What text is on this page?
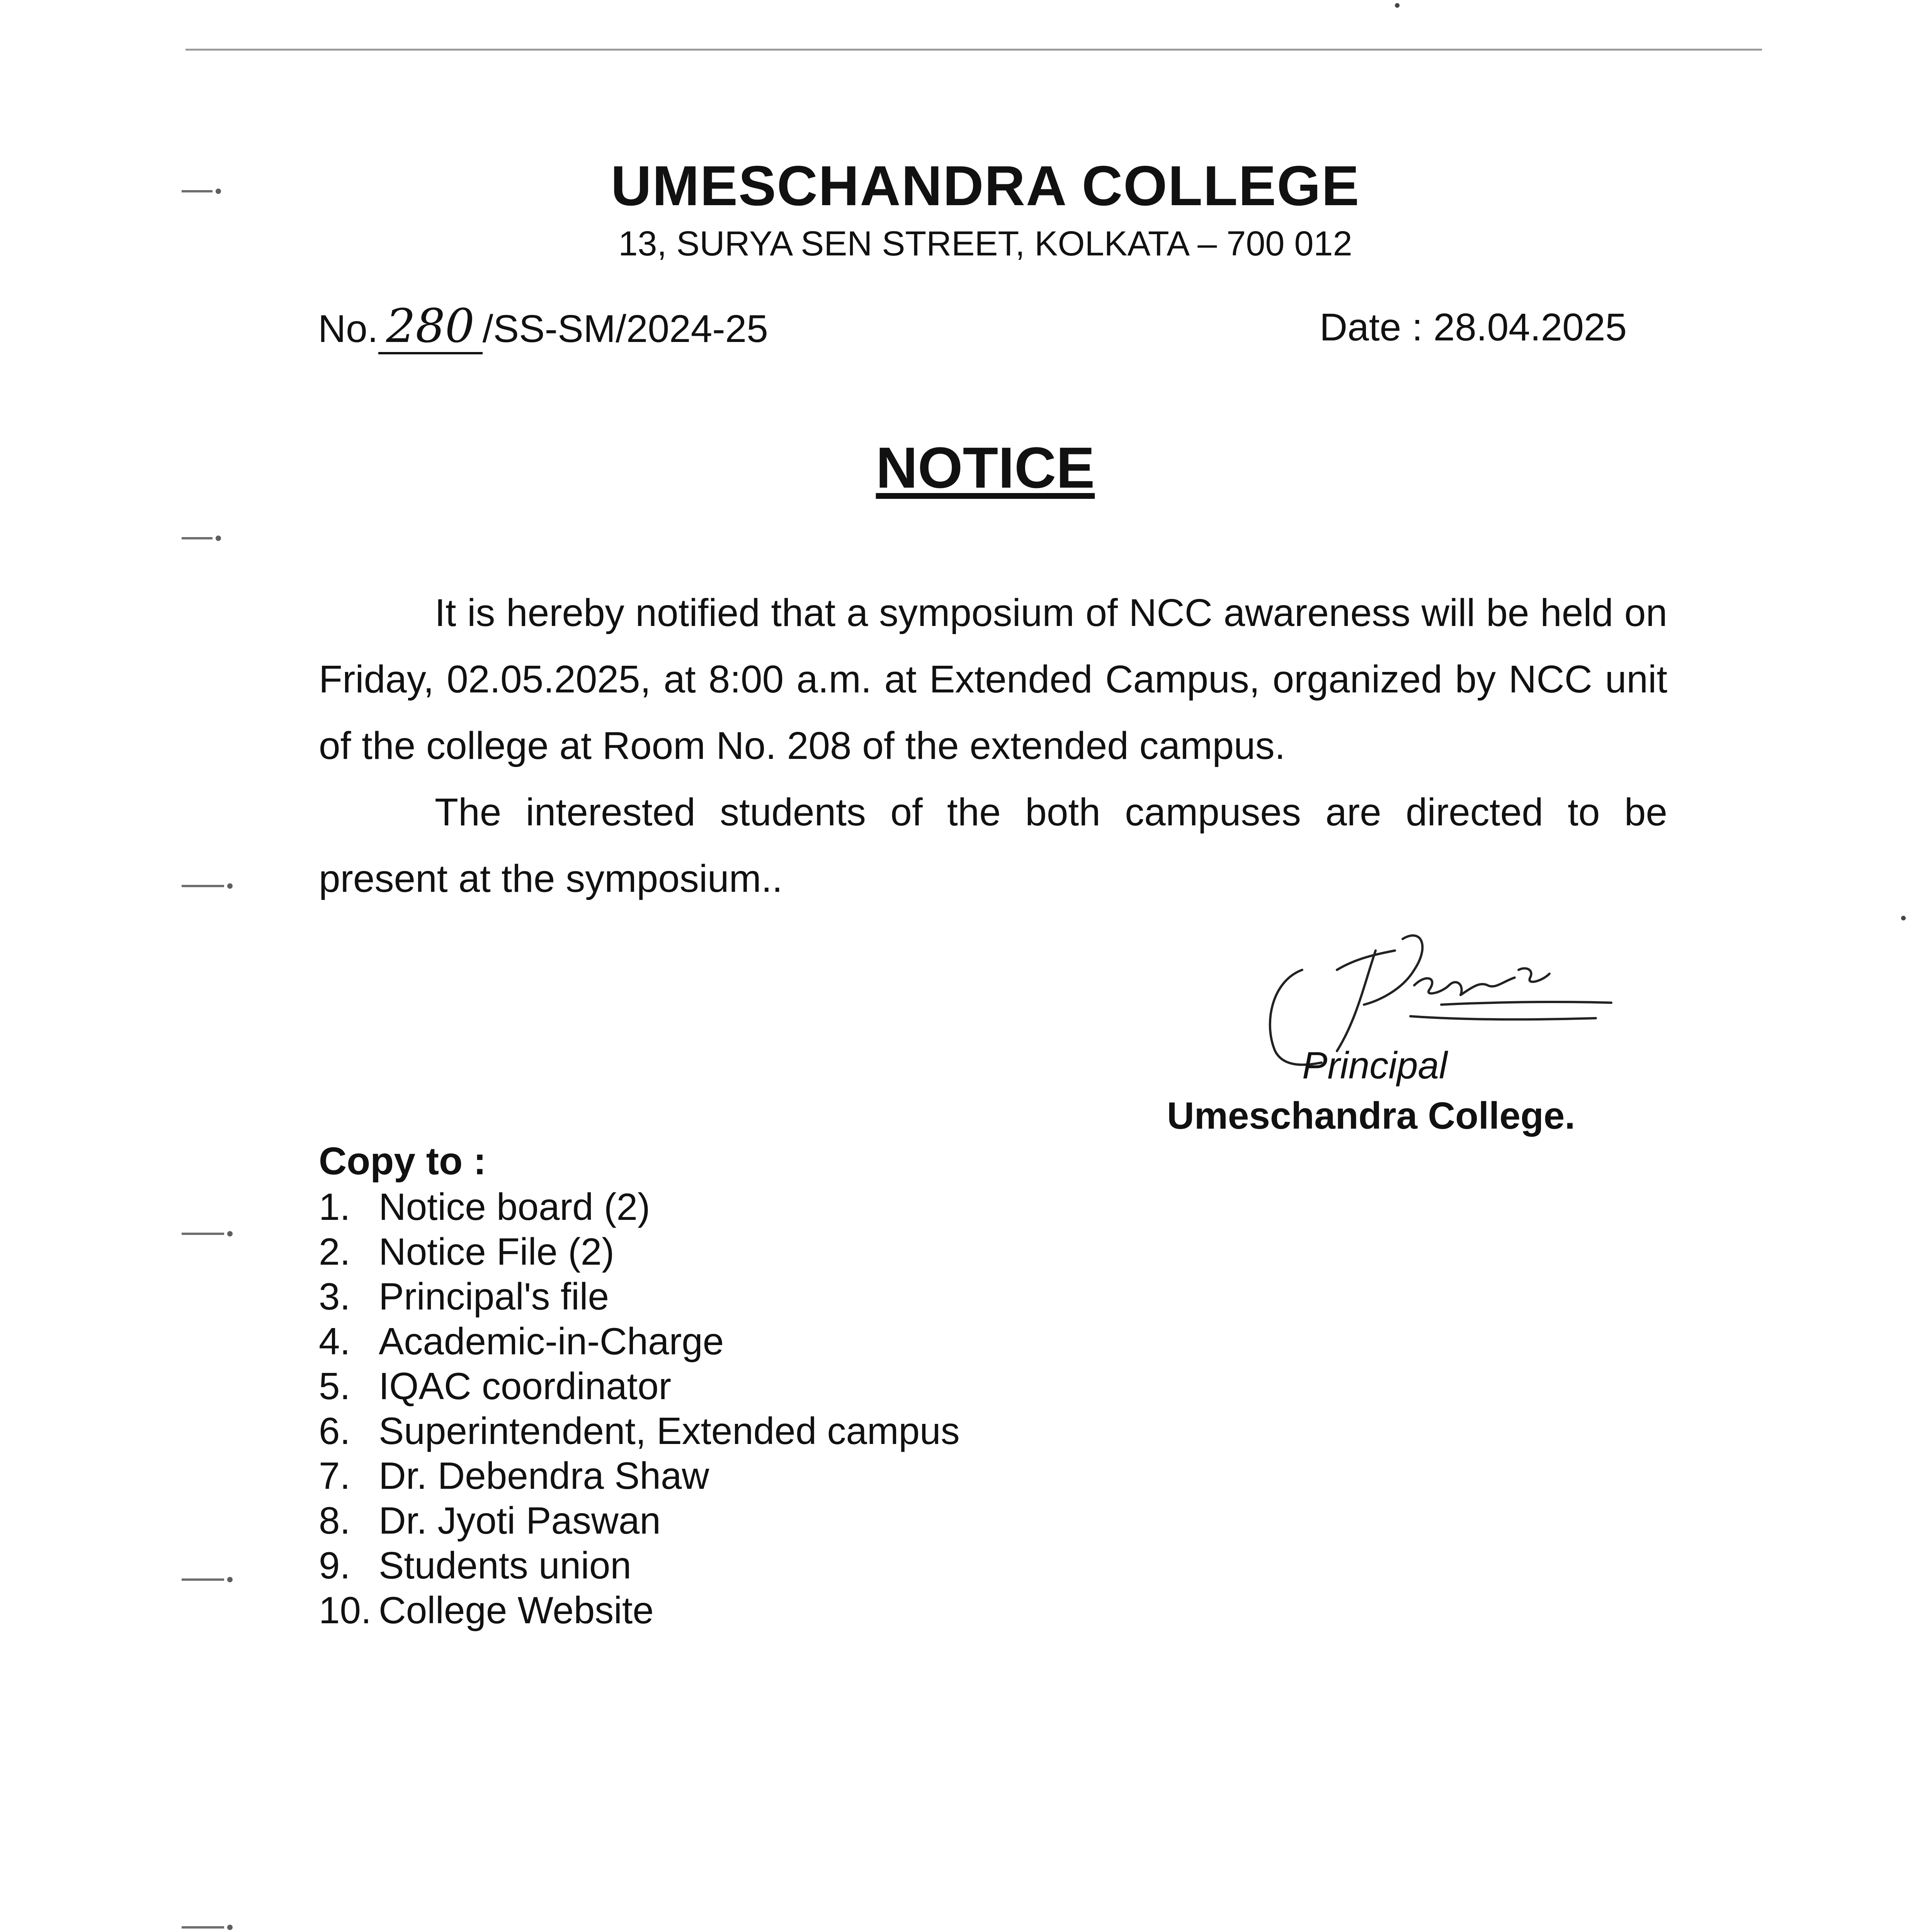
UMESCHANDRA COLLEGE
13, SURYA SEN STREET, KOLKATA – 700 012
No. 280 /SS-SM/2024-25	Date : 28.04.2025
NOTICE

It is hereby notified that a symposium of NCC awareness will be held on Friday, 02.05.2025, at 8:00 a.m. at Extended Campus, organized by NCC unit of the college at Room No. 208 of the extended campus.

The interested students of the both campuses are directed to be present at the symposium..

Principal
Umeschandra College.
Copy to :
1. Notice board (2)
2. Notice File (2)
3. Principal's file
4. Academic-in-Charge
5. IQAC coordinator
6. Superintendent, Extended campus
7. Dr. Debendra Shaw
8. Dr. Jyoti Paswan
9. Students union
10. College Website
